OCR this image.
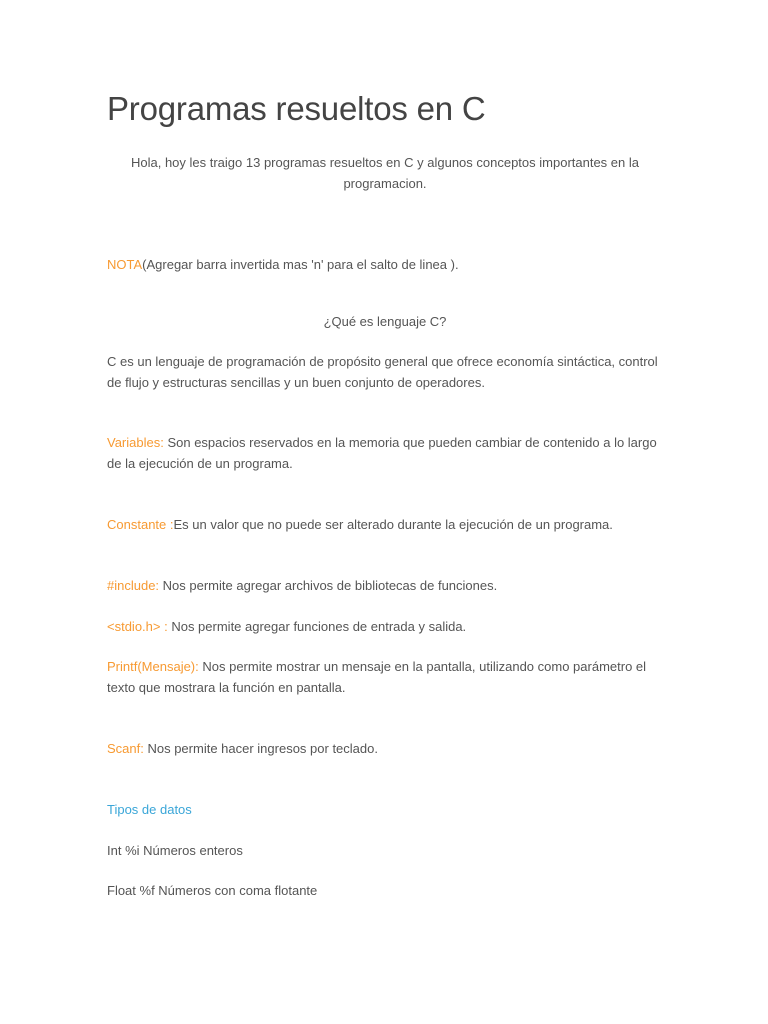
Programas resueltos en C

Hola, hoy les traigo 13 programas resueltos en C y algunos conceptos importantes en la programacion.

NOTA(Agregar barra invertida mas 'n' para el salto de linea ).

¿Qué es lenguaje C?

C es un lenguaje de programación de propósito general que ofrece economía sintáctica, control de flujo y estructuras sencillas y un buen conjunto de operadores.

Variables: Son espacios reservados en la memoria que pueden cambiar de contenido a lo largo de la ejecución de un programa.

Constante :Es un valor que no puede ser alterado durante la ejecución de un programa.

#include: Nos permite agregar archivos de bibliotecas de funciones.

<stdio.h> : Nos permite agregar funciones de entrada y salida.

Printf(Mensaje): Nos permite mostrar un mensaje en la pantalla, utilizando como parámetro el texto que mostrara la función en pantalla.

Scanf: Nos permite hacer ingresos por teclado.

Tipos de datos

Int %i Números enteros

Float %f Números con coma flotante
